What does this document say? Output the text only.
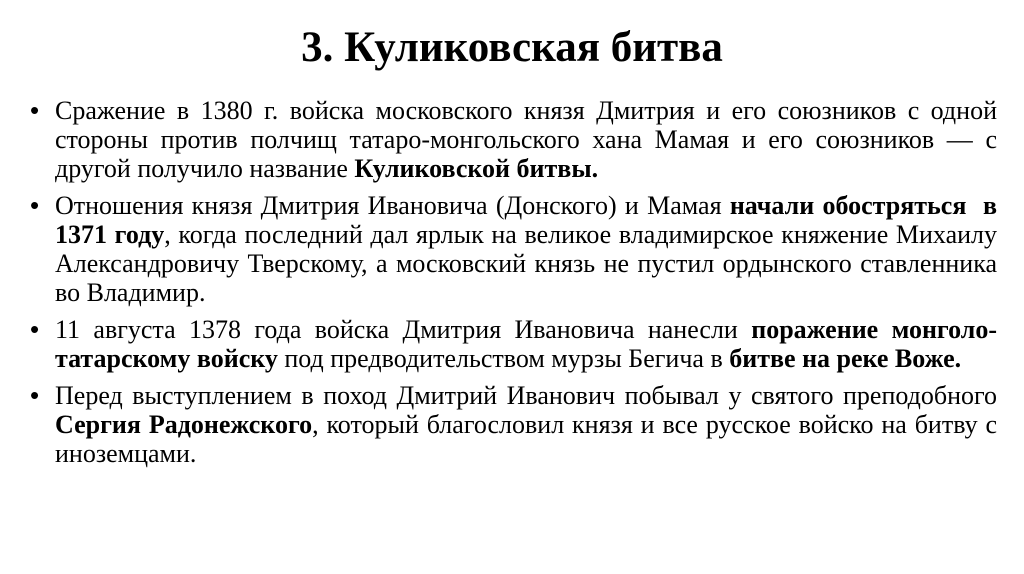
3. Куликовская битва
• Сражение в 1380 г. войска московского князя Дмитрия и его союзников с одной стороны против полчищ татаро-монгольского хана Мамая и его союзников — с другой получило название Куликовской битвы.

• Отношения князя Дмитрия Ивановича (Донского) и Мамая начали обостряться  в 1371 году, когда последний дал ярлык на великое владимирское княжение Михаилу Александровичу Тверскому, а московский князь не пустил ордынского ставленника во Владимир.

• 11 августа 1378 года войска Дмитрия Ивановича нанесли поражение монголо-татарскому войску под предводительством мурзы Бегича в битве на реке Воже.

• Перед выступлением в поход Дмитрий Иванович побывал у святого преподобного Сергия Радонежского, который благословил князя и все русское войско на битву с иноземцами.
